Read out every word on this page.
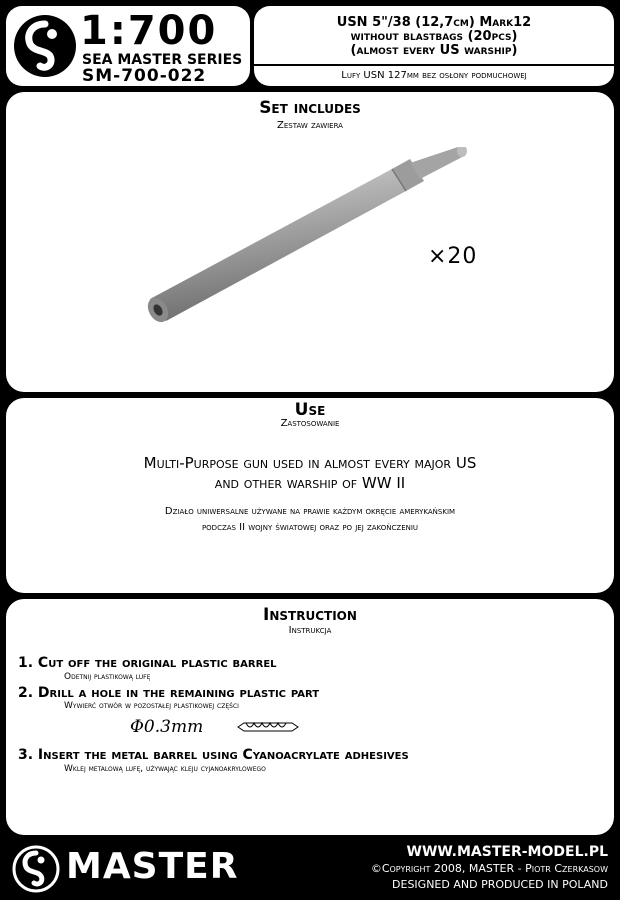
1:700
SEA MASTER SERIES
SM-700-022
USN 5"/38 (12,7cm) Mark12
without blastbags (20pcs)
(almost every US warship)
Lufy USN 127mm bez osłony podmuchowej
Set includes
Zestaw zawiera
×20
Use
Zastosowanie
Multi-Purpose gun used in almost every major US
and other warship of WW II
Działo uniwersalne używane na prawie każdym okręcie amerykańskim
podczas II wojny światowej oraz po jej zakończeniu
Instruction
Instrukcja
1. Cut off the original plastic barrel
Odetnij plastikową lufę
2. Drill a hole in the remaining plastic part
Wywierć otwór w pozostałej plastikowej części
Φ0.3mm
3. Insert the metal barrel using Cyanoacrylate adhesives
Wklej metalową lufę, używając kleju cyjanoakrylowego
MASTER	WWW.MASTER-MODEL.PL
©Copyright 2008, MASTER - Piotr Czerkasow
DESIGNED AND PRODUCED IN POLAND
